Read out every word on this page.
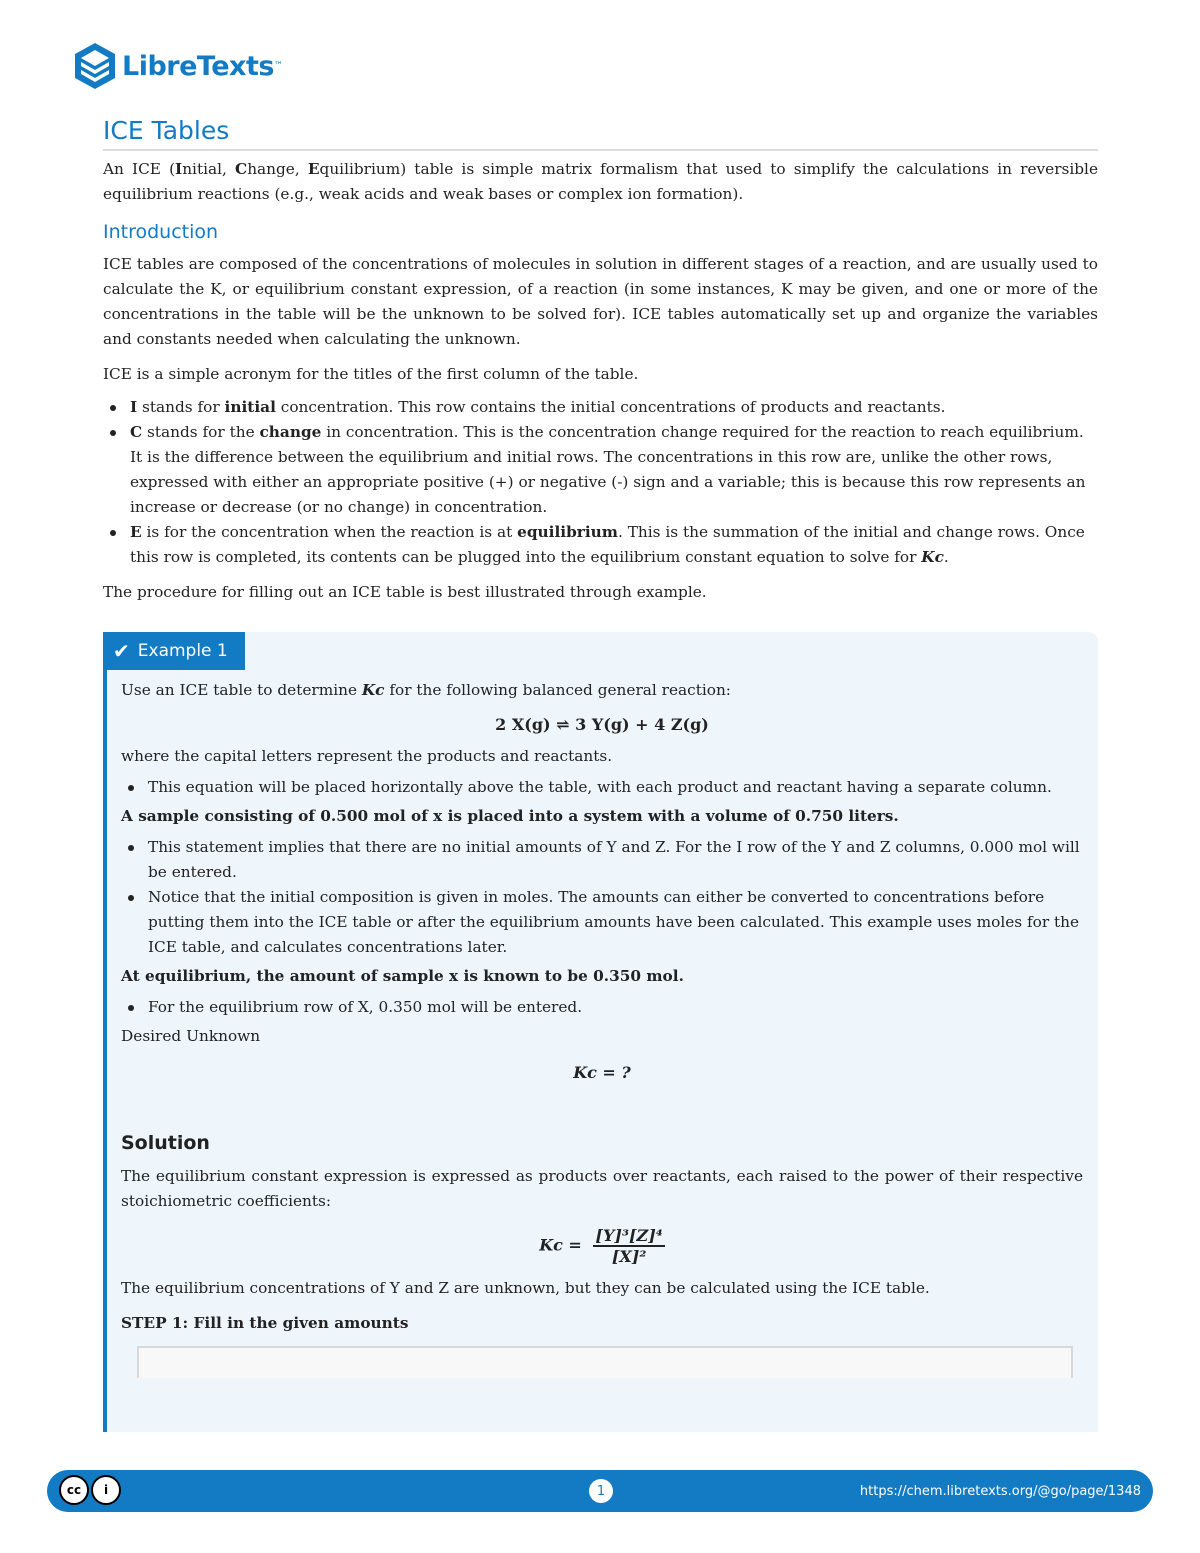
LibreTexts ™
ICE Tables

An ICE (Initial, Change, Equilibrium) table is simple matrix formalism that used to simplify the calculations in reversible equilibrium reactions (e.g., weak acids and weak bases or complex ion formation).

Introduction

ICE tables are composed of the concentrations of molecules in solution in different stages of a reaction, and are usually used to calculate the K, or equilibrium constant expression, of a reaction (in some instances, K may be given, and one or more of the concentrations in the table will be the unknown to be solved for). ICE tables automatically set up and organize the variables and constants needed when calculating the unknown.

ICE is a simple acronym for the titles of the first column of the table.

I stands for initial concentration. This row contains the initial concentrations of products and reactants.
C stands for the change in concentration. This is the concentration change required for the reaction to reach equilibrium. It is the difference between the equilibrium and initial rows. The concentrations in this row are, unlike the other rows, expressed with either an appropriate positive (+) or negative (-) sign and a variable; this is because this row represents an increase or decrease (or no change) in concentration.
E is for the concentration when the reaction is at equilibrium. This is the summation of the initial and change rows. Once this row is completed, its contents can be plugged into the equilibrium constant equation to solve for Kc.

The procedure for filling out an ICE table is best illustrated through example.

✔ Example 1

Use an ICE table to determine Kc for the following balanced general reaction:

2 X(g) ⇌ 3 Y(g) + 4 Z(g)

where the capital letters represent the products and reactants.

This equation will be placed horizontally above the table, with each product and reactant having a separate column.

A sample consisting of 0.500 mol of x is placed into a system with a volume of 0.750 liters.

This statement implies that there are no initial amounts of Y and Z. For the I row of the Y and Z columns, 0.000 mol will be entered.
Notice that the initial composition is given in moles. The amounts can either be converted to concentrations before putting them into the ICE table or after the equilibrium amounts have been calculated. This example uses moles for the ICE table, and calculates concentrations later.

At equilibrium, the amount of sample x is known to be 0.350 mol.

For the equilibrium row of X, 0.350 mol will be entered.

Desired Unknown

Kc = ?
Solution

The equilibrium constant expression is expressed as products over reactants, each raised to the power of their respective stoichiometric coefficients:

$Kc = \frac{\text{[Y]³[Z]⁴}}{\text{[X]²}}$

The equilibrium concentrations of Y and Z are unknown, but they can be calculated using the ICE table.

STEP 1: Fill in the given amounts

cc	i	1	https://chem.libretexts.org/@go/page/1348
